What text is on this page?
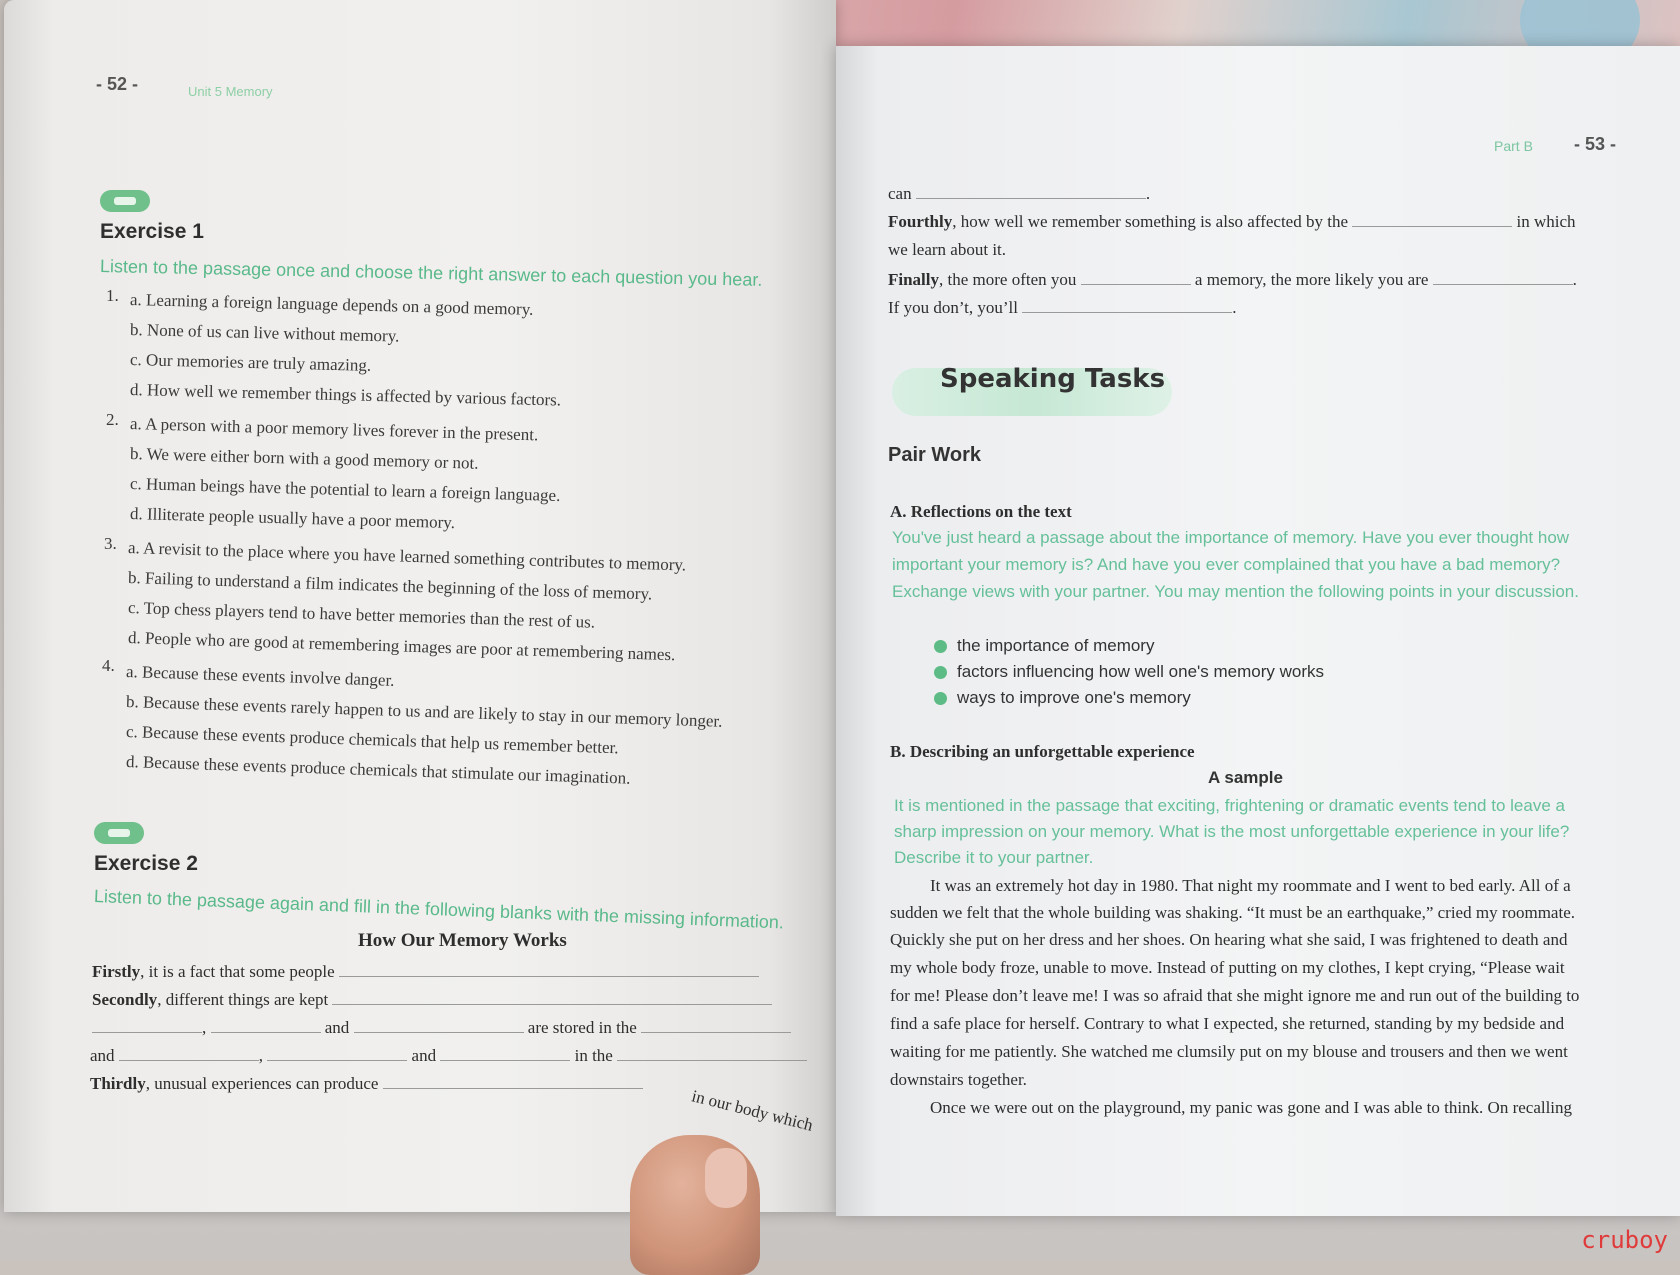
- 52 -	Unit 5 Memory
Exercise 1
Listen to the passage once and choose the right answer to each question you hear.
1. a. Learning a foreign language depends on a good memory.
b. None of us can live without memory.
c. Our memories are truly amazing.
d. How well we remember things is affected by various factors.
2. a. A person with a poor memory lives forever in the present.
b. We were either born with a good memory or not.
c. Human beings have the potential to learn a foreign language.
d. Illiterate people usually have a poor memory.
3. a. A revisit to the place where you have learned something contributes to memory.
b. Failing to understand a film indicates the beginning of the loss of memory.
c. Top chess players tend to have better memories than the rest of us.
d. People who are good at remembering images are poor at remembering names.
4. a. Because these events involve danger.
b. Because these events rarely happen to us and are likely to stay in our memory longer.
c. Because these events produce chemicals that help us remember better.
d. Because these events produce chemicals that stimulate our imagination.
Exercise 2
Listen to the passage again and fill in the following blanks with the missing information.
How Our Memory Works
Firstly, it is a fact that some people
Secondly, different things are kept
,	and	are stored in the
and	,	and	in the
Thirdly, unusual experiences can produce
in our body which
Part B - 53 -
can	.
Fourthly, how well we remember something is also affected by the	in which
we learn about it.
Finally, the more often you	a memory, the more likely you are	.
If you don’t, you’ll	.
Speaking Tasks
Pair Work
A. Reflections on the text
You've just heard a passage about the importance of memory. Have you ever thought how
important your memory is? And have you ever complained that you have a bad memory?
Exchange views with your partner. You may mention the following points in your discussion.
the importance of memory
factors influencing how well one's memory works
ways to improve one's memory
B. Describing an unforgettable experience
A sample
It is mentioned in the passage that exciting, frightening or dramatic events tend to leave a
sharp impression on your memory. What is the most unforgettable experience in your life?
Describe it to your partner.
It was an extremely hot day in 1980. That night my roommate and I went to bed early. All of a
sudden we felt that the whole building was shaking. “It must be an earthquake,” cried my roommate.
Quickly she put on her dress and her shoes. On hearing what she said, I was frightened to death and
my whole body froze, unable to move. Instead of putting on my clothes, I kept crying, “Please wait
for me! Please don’t leave me! I was so afraid that she might ignore me and run out of the building to
find a safe place for herself. Contrary to what I expected, she returned, standing by my bedside and
waiting for me patiently. She watched me clumsily put on my blouse and trousers and then we went
downstairs together.
Once we were out on the playground, my panic was gone and I was able to think. On recalling
cruboy
